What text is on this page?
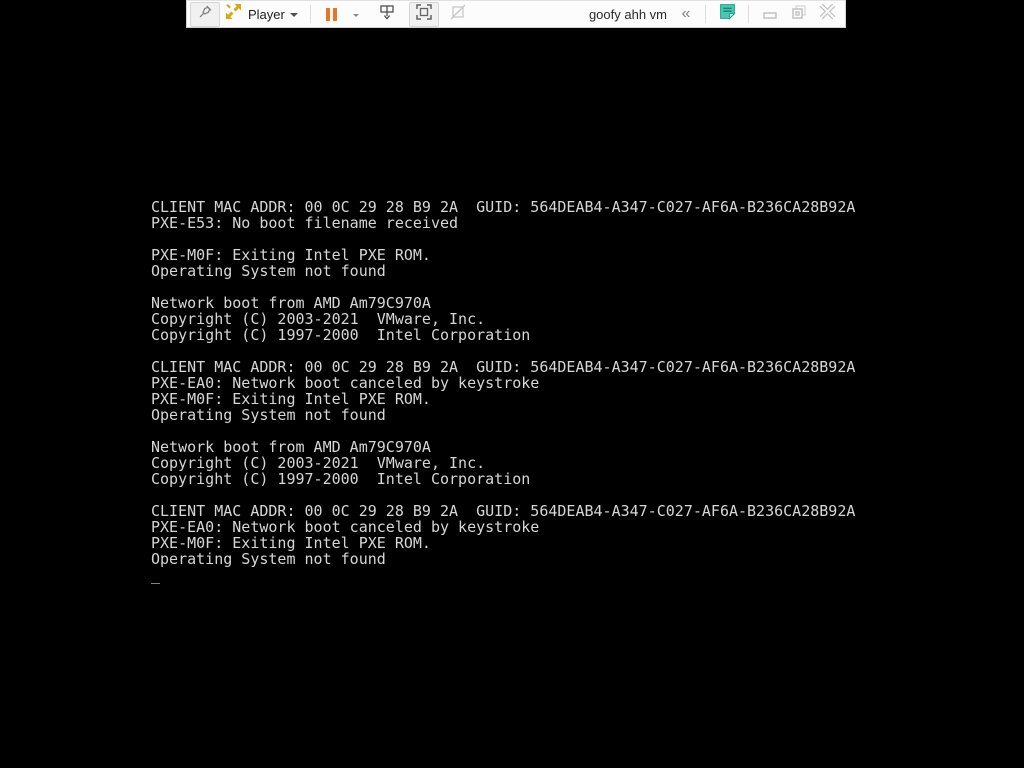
CLIENT MAC ADDR: 00 0C 29 28 B9 2A  GUID: 564DEAB4-A347-C027-AF6A-B236CA28B92A
PXE-E53: No boot filename received
PXE-M0F: Exiting Intel PXE ROM.
Operating System not found
Network boot from AMD Am79C970A
Copyright (C) 2003-2021  VMware, Inc.
Copyright (C) 1997-2000  Intel Corporation
CLIENT MAC ADDR: 00 0C 29 28 B9 2A  GUID: 564DEAB4-A347-C027-AF6A-B236CA28B92A
PXE-EA0: Network boot canceled by keystroke
PXE-M0F: Exiting Intel PXE ROM.
Operating System not found
Network boot from AMD Am79C970A
Copyright (C) 2003-2021  VMware, Inc.
Copyright (C) 1997-2000  Intel Corporation
CLIENT MAC ADDR: 00 0C 29 28 B9 2A  GUID: 564DEAB4-A347-C027-AF6A-B236CA28B92A
PXE-EA0: Network boot canceled by keystroke
PXE-M0F: Exiting Intel PXE ROM.
Operating System not found
_
Player	goofy ahh vm «
